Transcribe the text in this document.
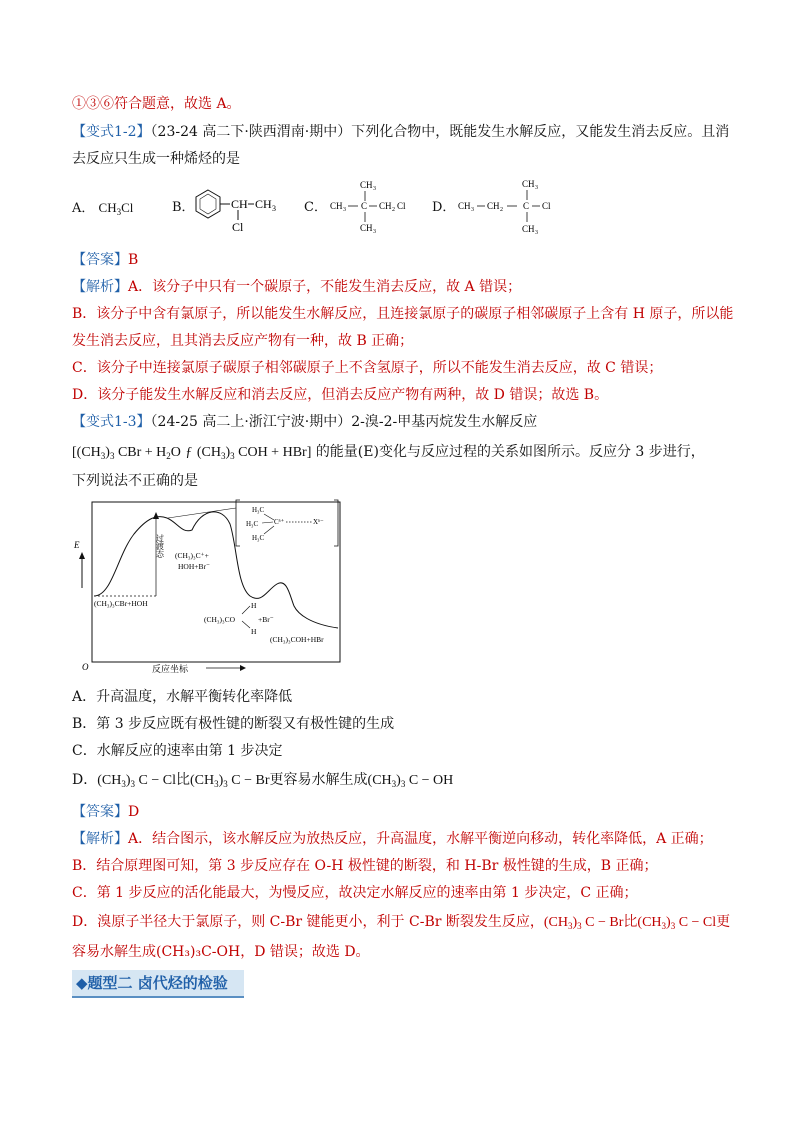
①③⑥符合题意，故选 A。
【变式1-2】（23-24 高二下·陕西渭南·期中）下列化合物中，既能发生水解反应，又能发生消去反应。且消
去反应只生成一种烯烃的是
A． $CH_3Cl$	B．	CH CH 3
Cl
C．
CH 3
CH 3 C CH 2 Cl
CH 3
D．
CH 3
CH 3 CH 2 C Cl
CH 3
【答案】B
【解析】A．该分子中只有一个碳原子，不能发生消去反应，故 A 错误；
B．该分子中含有氯原子，所以能发生水解反应，且连接氯原子的碳原子相邻碳原子上含有 H 原子，所以能
发生消去反应，且其消去反应产物有一种，故 B 正确；
C．该分子中连接氯原子碳原子相邻碳原子上不含氢原子，所以不能发生消去反应，故 C 错误；
D．该分子能发生水解反应和消去反应，但消去反应产物有两种，故 D 错误；故选 B。
【变式1-3】（24-25 高二上·浙江宁波·期中）2-溴-2-甲基丙烷发生水解反应
[$(CH_3)_3$ CBr + $H_2O$ ƒ $(CH_3)_3$ COH + HBr] 的能量(E)变化与反应过程的关系如图所示。反应分 3 步进行，
下列说法不正确的是
E
O	反应坐标
过渡态
(CH₃)₃CBr+HOH
(CH₃)₃C⁺+
HOH+Br⁻
(CH₃)₃CO
H
H
+Br⁻
(CH₃)₃COH+HBr
H₃C
H₃C
H₃C
Cᵟ⁺	Xᵟ⁻
A．升高温度，水解平衡转化率降低
B．第 3 步反应既有极性键的断裂又有极性键的生成
C．水解反应的速率由第 1 步决定
D．$(CH_3)_3$ C − Cl比$(CH_3)_3$ C − Br更容易水解生成$(CH_3)_3$ C − OH
【答案】D
【解析】A．结合图示，该水解反应为放热反应，升高温度，水解平衡逆向移动，转化率降低，A 正确；
B．结合原理图可知，第 3 步反应存在 O-H 极性键的断裂，和 H-Br 极性键的生成，B 正确；
C．第 1 步反应的活化能最大，为慢反应，故决定水解反应的速率由第 1 步决定，C 正确；
D．溴原子半径大于氯原子，则 C-Br 键能更小，利于 C-Br 断裂发生反应，$(CH_3)_3$ C − Br比$(CH_3)_3$ C − Cl更
容易水解生成(CH₃)₃C-OH，D 错误；故选 D。
◆题型二 卤代烃的检验
